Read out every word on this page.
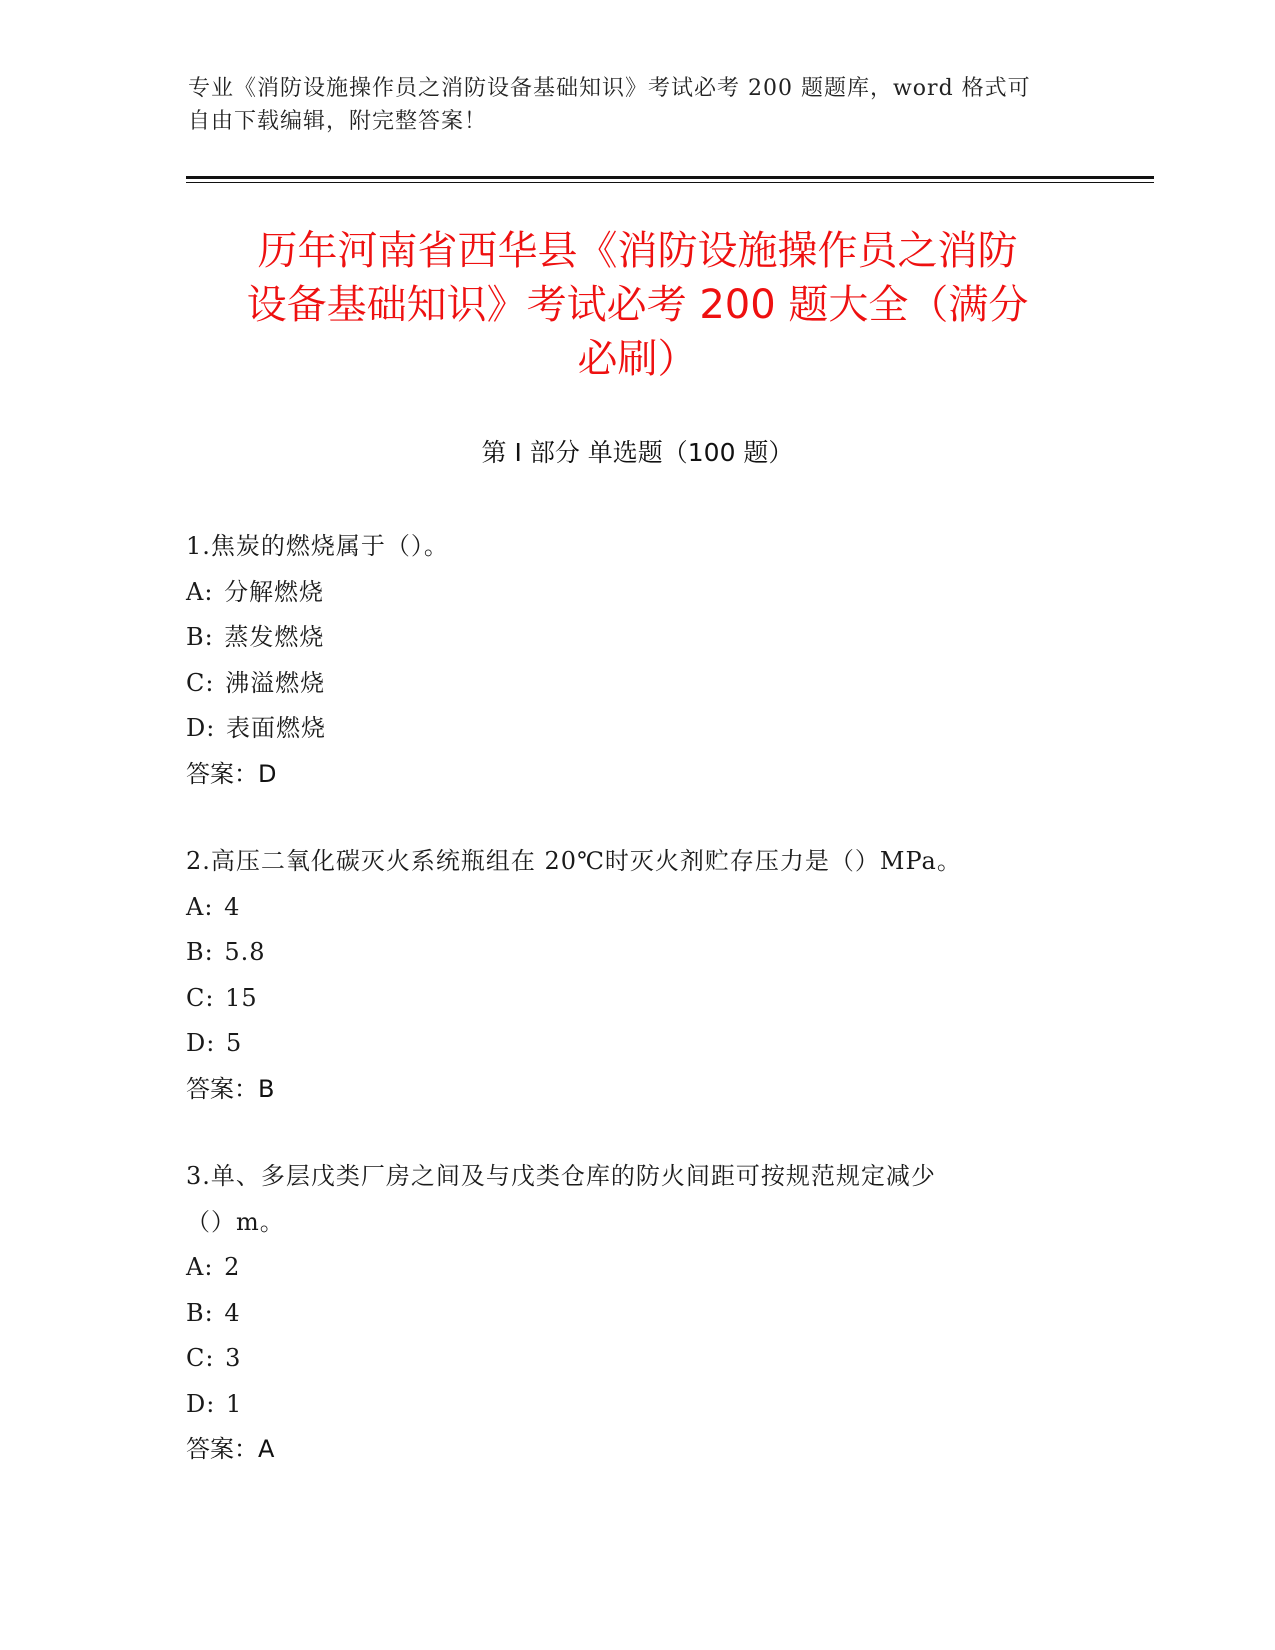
专业《消防设施操作员之消防设备基础知识》考试必考 200 题题库，word 格式可
自由下载编辑，附完整答案！
历年河南省西华县《消防设施操作员之消防
设备基础知识》考试必考 200 题大全（满分
必刷）
第 I 部分 单选题（100 题）
1.焦炭的燃烧属于（）。
A: 分解燃烧
B: 蒸发燃烧
C: 沸溢燃烧
D: 表面燃烧
答案：D
2.高压二氧化碳灭火系统瓶组在 20℃时灭火剂贮存压力是（）MPa。
A: 4
B: 5.8
C: 15
D: 5
答案：B
3.单、多层戊类厂房之间及与戊类仓库的防火间距可按规范规定减少
（）m。
A: 2
B: 4
C: 3
D: 1
答案：A
